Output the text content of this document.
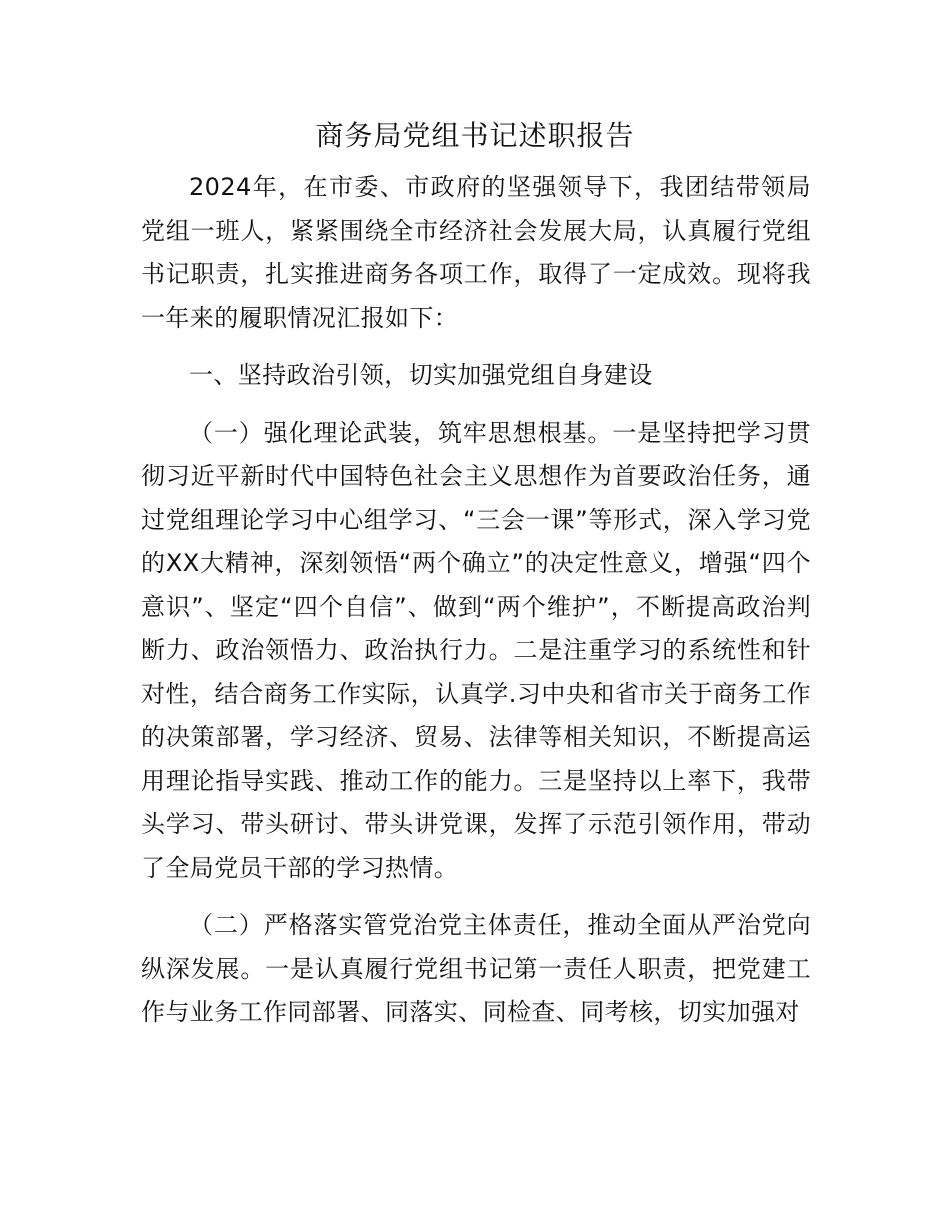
商务局党组书记述职报告

2024年，在市委、市政府的坚强领导下，我团结带领局党组一班人，紧紧围绕全市经济社会发展大局，认真履行党组书记职责，扎实推进商务各项工作，取得了一定成效。现将我一年来的履职情况汇报如下：

一、坚持政治引领，切实加强党组自身建设

（一）强化理论武装，筑牢思想根基。一是坚持把学习贯彻习近平新时代中国特色社会主义思想作为首要政治任务，通过党组理论学习中心组学习、“三会一课”等形式，深入学习党的XX大精神，深刻领悟“两个确立”的决定性意义，增强“四个意识”、坚定“四个自信”、做到“两个维护”，不断提高政治判断力、政治领悟力、政治执行力。二是注重学习的系统性和针对性，结合商务工作实际，认真学.习中央和省市关于商务工作的决策部署，学习经济、贸易、法律等相关知识，不断提高运用理论指导实践、推动工作的能力。三是坚持以上率下，我带头学习、带头研讨、带头讲党课，发挥了示范引领作用，带动了全局党员干部的学习热情。

（二）严格落实管党治党主体责任，推动全面从严治党向纵深发展。一是认真履行党组书记第一责任人职责，把党建工作与业务工作同部署、同落实、同检查、同考核，切实加强对
